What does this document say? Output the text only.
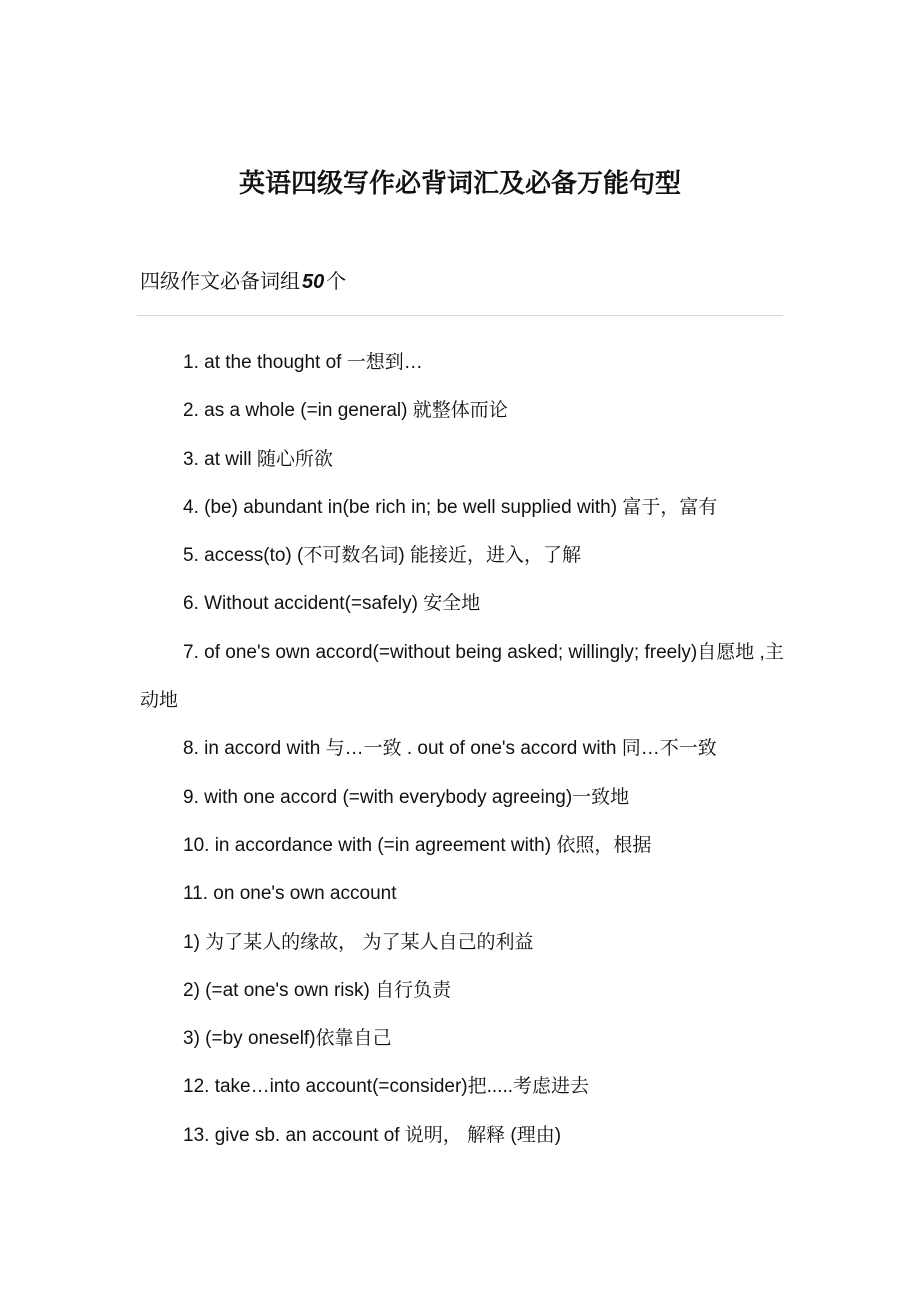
英语四级写作必背词汇及必备万能句型
四级作文必备词组 50 个
1. at the thought of 一想到…
2. as a whole (=in general) 就整体而论
3. at will 随心所欲
4. (be) abundant in(be rich in; be well supplied with) 富于，富有
5. access(to) (不可数名词) 能接近，进入，了解
6. Without accident(=safely) 安全地
7. of one's own accord(=without being asked; willingly; freely)自愿地 ,主动地
8. in accord with 与…一致 . out of one's accord with 同…不一致
9. with one accord (=with everybody agreeing)一致地
10. in accordance with (=in agreement with) 依照，根据
11. on one's own account
1) 为了某人的缘故， 为了某人自己的利益
2) (=at one's own risk) 自行负责
3) (=by oneself)依靠自己
12. take…into account(=consider)把.....考虑进去
13. give sb. an account of 说明， 解释 (理由)
